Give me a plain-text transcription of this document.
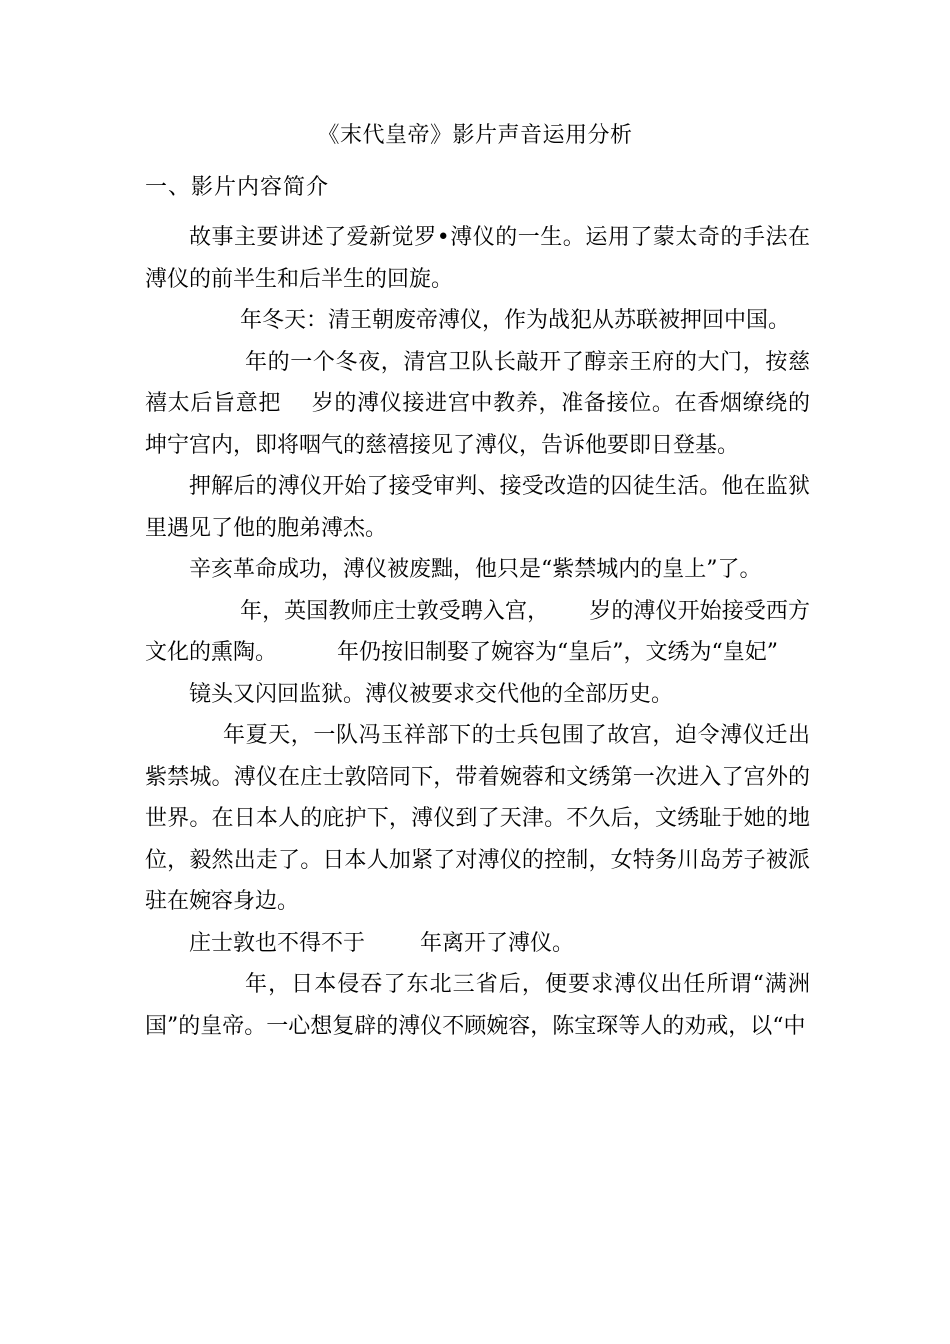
《末代皇帝》影片声音运用分析
一、影片内容简介

故事主要讲述了爱新觉罗•溥仪的一生。运用了蒙太奇的手法在溥仪的前半生和后半生的回旋。

年冬天：清王朝废帝溥仪，作为战犯从苏联被押回中国。

年的一个冬夜，清宫卫队长敲开了醇亲王府的大门，按慈禧太后旨意把 岁的溥仪接进宫中教养，准备接位。在香烟缭绕的坤宁宫内，即将咽气的慈禧接见了溥仪，告诉他要即日登基。

押解后的溥仪开始了接受审判、接受改造的囚徒生活。他在监狱里遇见了他的胞弟溥杰。

辛亥革命成功，溥仪被废黜，他只是“紫禁城内的皇上”了。

年，英国教师庄士敦受聘入宫， 岁的溥仪开始接受西方文化的熏陶。	年仍按旧制娶了婉容为“皇后”，文绣为“皇妃”

镜头又闪回监狱。溥仪被要求交代他的全部历史。

年夏天，一队冯玉祥部下的士兵包围了故宫，迫令溥仪迁出紫禁城。溥仪在庄士敦陪同下，带着婉蓉和文绣第一次进入了宫外的世界。在日本人的庇护下，溥仪到了天津。不久后，文绣耻于她的地位，毅然出走了。日本人加紧了对溥仪的控制，女特务川岛芳子被派驻在婉容身边。

庄士敦也不得不于	年离开了溥仪。

年，日本侵吞了东北三省后，便要求溥仪出任所谓“满洲国”的皇帝。一心想复辟的溥仪不顾婉容，陈宝琛等人的劝戒，以“中
